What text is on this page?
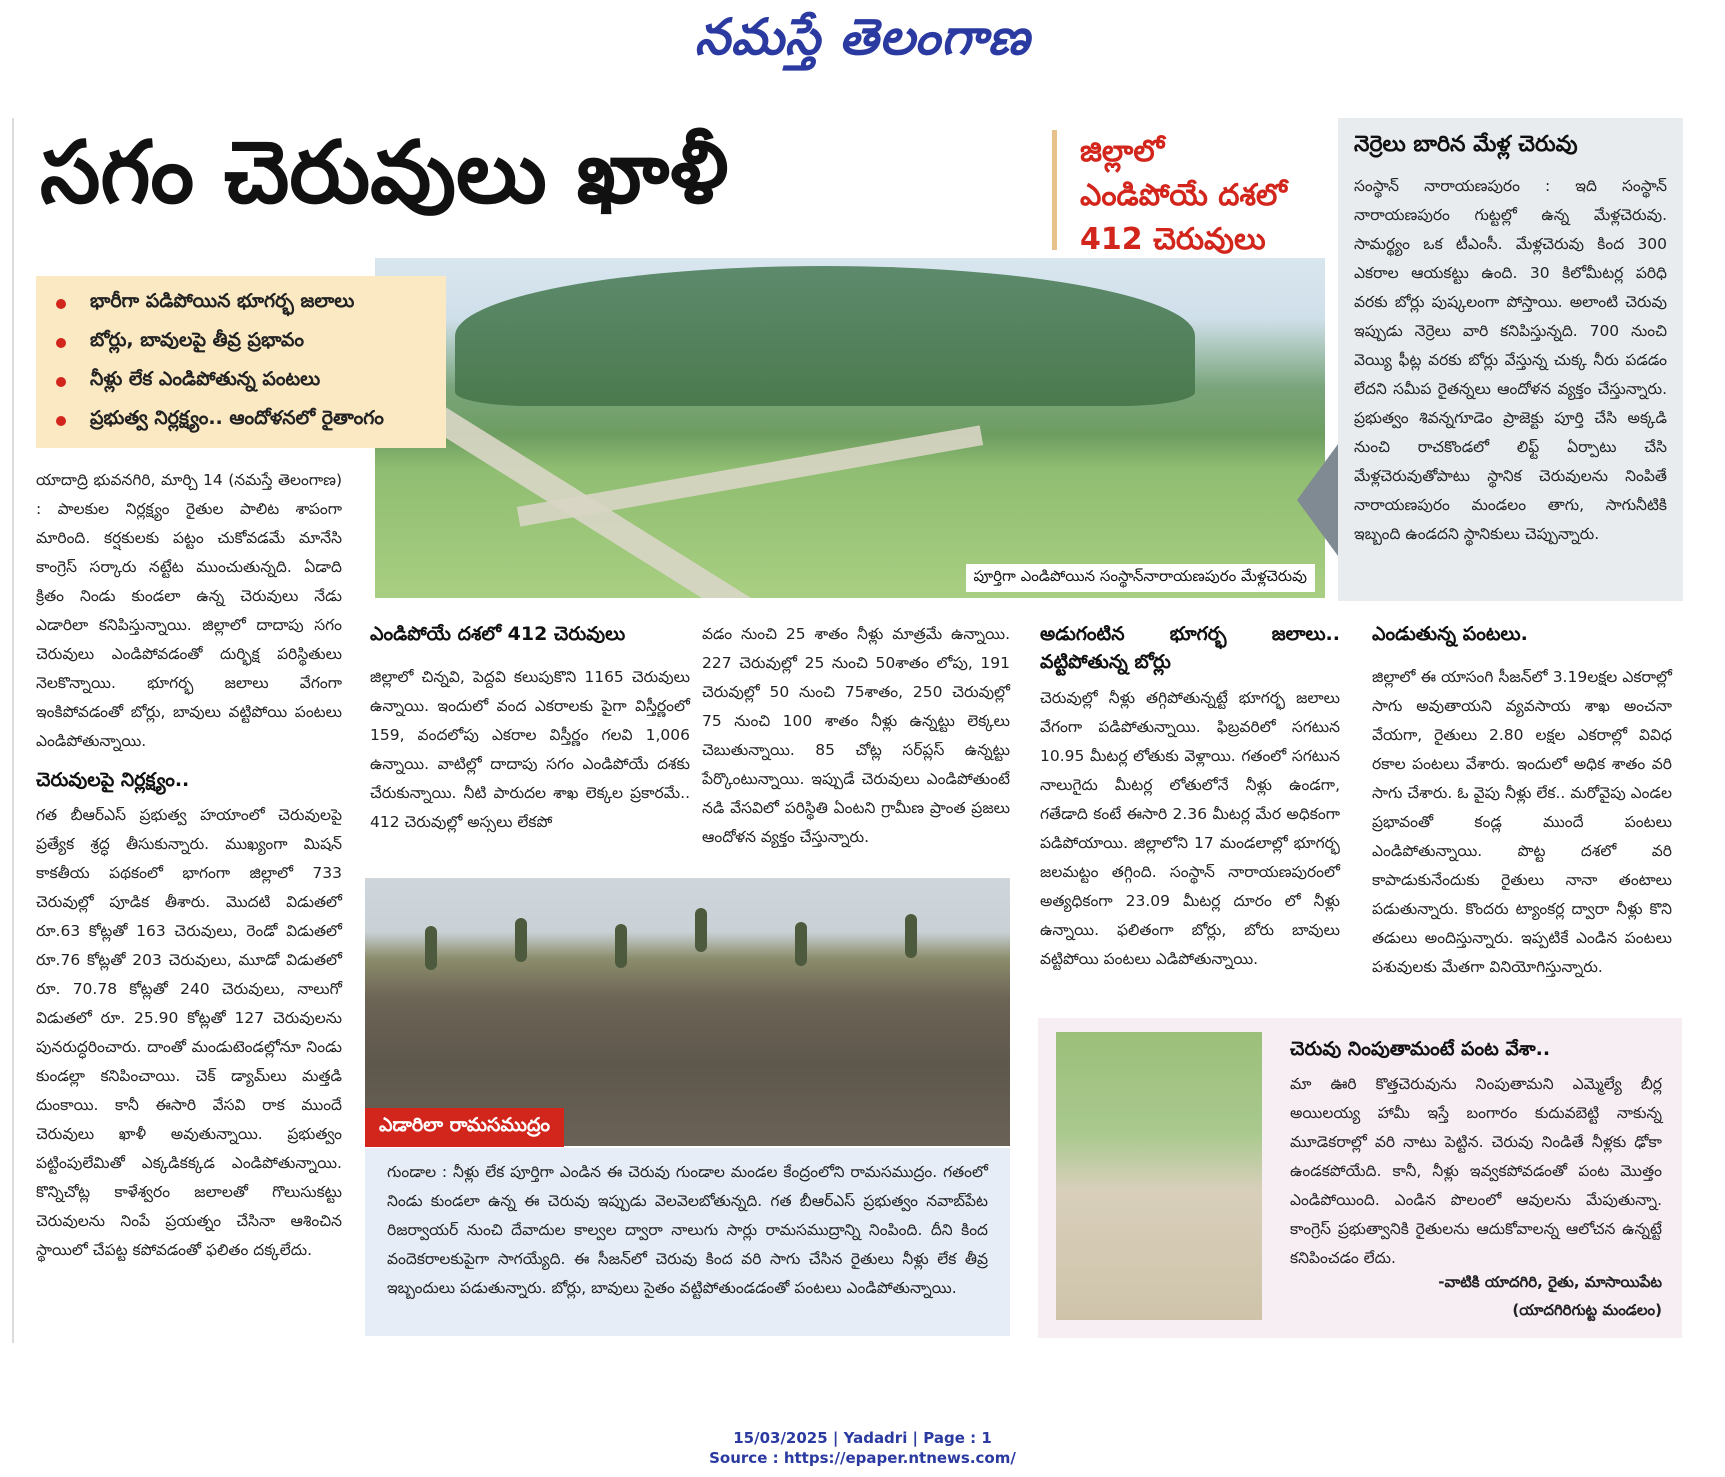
నమస్తే తెలంగాణ
సగం చెరువులు ఖాళీ	జిల్లాలో
ఎండిపోయే దశలో
412 చెరువులు
పూర్తిగా ఎండిపోయిన సంస్థాన్‌నారాయణపురం మేళ్లచెరువు
భారీగా పడిపోయిన భూగర్భ జలాలు
బోర్లు, బావులపై తీవ్ర ప్రభావం
నీళ్లు లేక ఎండిపోతున్న పంటలు
ప్రభుత్వ నిర్లక్ష్యం.. ఆందోళనలో రైతాంగం
నెర్రెలు బారిన మేళ్ల చెరువు
సంస్థాన్ నారాయణపురం : ఇది సంస్థాన్ నారాయణపురం గుట్టల్లో ఉన్న మేళ్లచెరువు. సామర్థ్యం ఒక టీఎంసీ. మేళ్లచెరువు కింద 300 ఎకరాల ఆయకట్టు ఉంది. 30 కిలోమీటర్ల పరిధి వరకు బోర్లు పుష్కలంగా పోస్తాయి. అలాంటి చెరువు ఇప్పుడు నెర్రెలు వారి కనిపిస్తున్నది. 700 నుంచి వెయ్యి ఫీట్ల వరకు బోర్లు వేస్తున్న చుక్క నీరు పడడం లేదని సమీప రైతన్నలు ఆందోళన వ్యక్తం చేస్తున్నారు. ప్రభుత్వం శివన్నగూడెం ప్రాజెక్టు పూర్తి చేసి అక్కడి నుంచి రాచకొండలో లిఫ్ట్ ఏర్పాటు చేసి మేళ్లచెరువుతోపాటు స్థానిక చెరువులను నింపితే నారాయణపురం మండలం తాగు, సాగునీటికి ఇబ్బంది ఉండదని స్థానికులు చెప్పున్నారు.
యాదాద్రి భువనగిరి, మార్చి 14 (నమస్తే తెలంగాణ) : పాలకుల నిర్లక్ష్యం రైతుల పాలిట శాపంగా మారింది. కర్షకులకు పట్టం చుకోవడమే మానేసి కాంగ్రెస్ సర్కారు నట్టేట ముంచుతున్నది. ఏడాది క్రితం నిండు కుండలా ఉన్న చెరువులు నేడు ఎడారిలా కనిపిస్తున్నాయి. జిల్లాలో దాదాపు సగం చెరువులు ఎండిపోవడంతో దుర్భిక్ష పరిస్థితులు నెలకొన్నాయి. భూగర్భ జలాలు వేగంగా ఇంకిపోవడంతో బోర్లు, బావులు వట్టిపోయి పంటలు ఎండిపోతున్నాయి.
చెరువులపై నిర్లక్ష్యం..
గత బీఆర్ఎస్ ప్రభుత్వ హయాంలో చెరువులపై ప్రత్యేక శ్రద్ధ తీసుకున్నారు. ముఖ్యంగా మిషన్ కాకతీయ పథకంలో భాగంగా జిల్లాలో 733 చెరువుల్లో పూడిక తీశారు. మొదటి విడుతలో రూ.63 కోట్లతో 163 చెరువులు, రెండో విడుతలో రూ.76 కోట్లతో 203 చెరువులు, మూడో విడుతలో రూ. 70.78 కోట్లతో 240 చెరువులు, నాలుగో విడుతలో రూ. 25.90 కోట్లతో 127 చెరువులను పునరుద్ధరించారు. దాంతో మండుటెండల్లోనూ నిండు కుండల్లా కనిపించాయి. చెక్ డ్యామ్‌లు మత్తడి దుంకాయి. కానీ ఈసారి వేసవి రాక ముందే చెరువులు ఖాళీ అవుతున్నాయి. ప్రభుత్వం పట్టింపులేమితో ఎక్కడికక్కడ ఎండిపోతున్నాయి. కొన్నిచోట్ల కాళేశ్వరం జలాలతో గొలుసుకట్టు చెరువులను నింపే ప్రయత్నం చేసినా ఆశించిన స్థాయిలో చేపట్ట కపోవడంతో ఫలితం దక్కలేదు.
ఎండిపోయే దశలో 412 చెరువులు
జిల్లాలో చిన్నవి, పెద్దవి కలుపుకొని 1165 చెరువులు ఉన్నాయి. ఇందులో వంద ఎకరాలకు పైగా విస్తీర్ణంలో 159, వందలోపు ఎకరాల విస్తీర్ణం గలవి 1,006 ఉన్నాయి. వాటిల్లో దాదాపు సగం ఎండిపోయే దశకు చేరుకున్నాయి. నీటి పారుదల శాఖ లెక్కల ప్రకారమే.. 412 చెరువుల్లో అస్సలు లేకపో
వడం నుంచి 25 శాతం నీళ్లు మాత్రమే ఉన్నాయి. 227 చెరువుల్లో 25 నుంచి 50శాతం లోపు, 191 చెరువుల్లో 50 నుంచి 75శాతం, 250 చెరువుల్లో 75 నుంచి 100 శాతం నీళ్లు ఉన్నట్టు లెక్కలు చెబుతున్నాయి. 85 చోట్ల సర్‌ప్లస్ ఉన్నట్టు పేర్కొంటున్నాయి. ఇప్పుడే చెరువులు ఎండిపోతుంటే నడి వేసవిలో పరిస్థితి ఏంటని గ్రామీణ ప్రాంత ప్రజలు ఆందోళన వ్యక్తం చేస్తున్నారు.
ఎడారిలా రామసముద్రం
గుండాల : నీళ్లు లేక పూర్తిగా ఎండిన ఈ చెరువు గుండాల మండల కేంద్రంలోని రామసముద్రం. గతంలో నిండు కుండలా ఉన్న ఈ చెరువు ఇప్పుడు వెలవెలబోతున్నది. గత బీఆర్ఎస్ ప్రభుత్వం నవాబ్‌పేట రిజర్వాయర్ నుంచి దేవాదుల కాల్వల ద్వారా నాలుగు సార్లు రామసముద్రాన్ని నింపింది. దీని కింద వందెకరాలకుపైగా సాగయ్యేది. ఈ సీజన్‌లో చెరువు కింద వరి సాగు చేసిన రైతులు నీళ్లు లేక తీవ్ర ఇబ్బందులు పడుతున్నారు. బోర్లు, బావులు సైతం వట్టిపోతుండడంతో పంటలు ఎండిపోతున్నాయి.
అడుగంటిన భూగర్భ జలాలు.. వట్టిపోతున్న బోర్లు
చెరువుల్లో నీళ్లు తగ్గిపోతున్నట్టే భూగర్భ జలాలు వేగంగా పడిపోతున్నాయి. ఫిబ్రవరిలో సగటున 10.95 మీటర్ల లోతుకు వెళ్లాయి. గతంలో సగటున నాలుగైదు మీటర్ల లోతులోనే నీళ్లు ఉండగా, గతేడాది కంటే ఈసారి 2.36 మీటర్ల మేర అధికంగా పడిపోయాయి. జిల్లాలోని 17 మండలాల్లో భూగర్భ జలమట్టం తగ్గింది. సంస్థాన్ నారాయణపురంలో అత్యధికంగా 23.09 మీటర్ల దూరం లో నీళ్లు ఉన్నాయి. ఫలితంగా బోర్లు, బోరు బావులు వట్టిపోయి పంటలు ఎడిపోతున్నాయి.
ఎండుతున్న పంటలు.
జిల్లాలో ఈ యాసంగి సీజన్‌లో 3.19లక్షల ఎకరాల్లో సాగు అవుతాయని వ్యవసాయ శాఖ అంచనా వేయగా, రైతులు 2.80 లక్షల ఎకరాల్లో వివిధ రకాల పంటలు వేశారు. ఇందులో అధిక శాతం వరి సాగు చేశారు. ఓ వైపు నీళ్లు లేక.. మరోవైపు ఎండల ప్రభావంతో కండ్ల ముందే పంటలు ఎండిపోతున్నాయి. పొట్ట దశలో వరి కాపాడుకునేందుకు రైతులు నానా తంటాలు పడుతున్నారు. కొందరు ట్యాంకర్ల ద్వారా నీళ్లు కొని తడులు అందిస్తున్నారు. ఇప్పటికే ఎండిన పంటలు పశువులకు మేతగా వినియోగిస్తున్నారు.
చెరువు నింపుతామంటే పంట వేశా..
మా ఊరి కొత్తచెరువును నింపుతామని ఎమ్మెల్యే బీర్ల అయిలయ్య హామీ ఇస్తే బంగారం కుదువబెట్టి నాకున్న మూడెకరాల్లో వరి నాటు పెట్టిన. చెరువు నిండితే నీళ్లకు ఢోకా ఉండకపోయేది. కానీ, నీళ్లు ఇవ్వకపోవడంతో పంట మొత్తం ఎండిపోయింది. ఎండిన పొలంలో ఆవులను మేపుతున్నా. కాంగ్రెస్ ప్రభుత్వానికి రైతులను ఆదుకోవాలన్న ఆలోచన ఉన్నట్టే కనిపించడం లేదు.
-వాటికి యాదగిరి, రైతు, మాసాయిపేట
(యాదగిరిగుట్ట మండలం)
15/03/2025 | Yadadri | Page : 1
Source : https://epaper.ntnews.com/
